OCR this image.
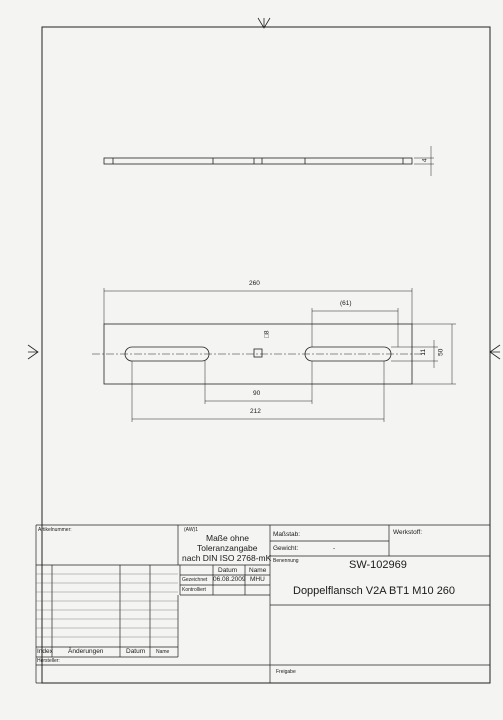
4
260
(61)
□8
11 50
90
212
Artikelnummer:	(AW)1
Maße ohne
Toleranzangabe
nach DIN ISO 2768-mK
Maßstab:
Gewicht:	-
Werkstoff:
Benennung	SW-102969
Doppelflansch V2A BT1 M10 260
Datum Name
Gezeichnet 06.08.2009 MHU
Kontrolliert
Index Änderungen	Datum Name
Hersteller:
Freigabe
